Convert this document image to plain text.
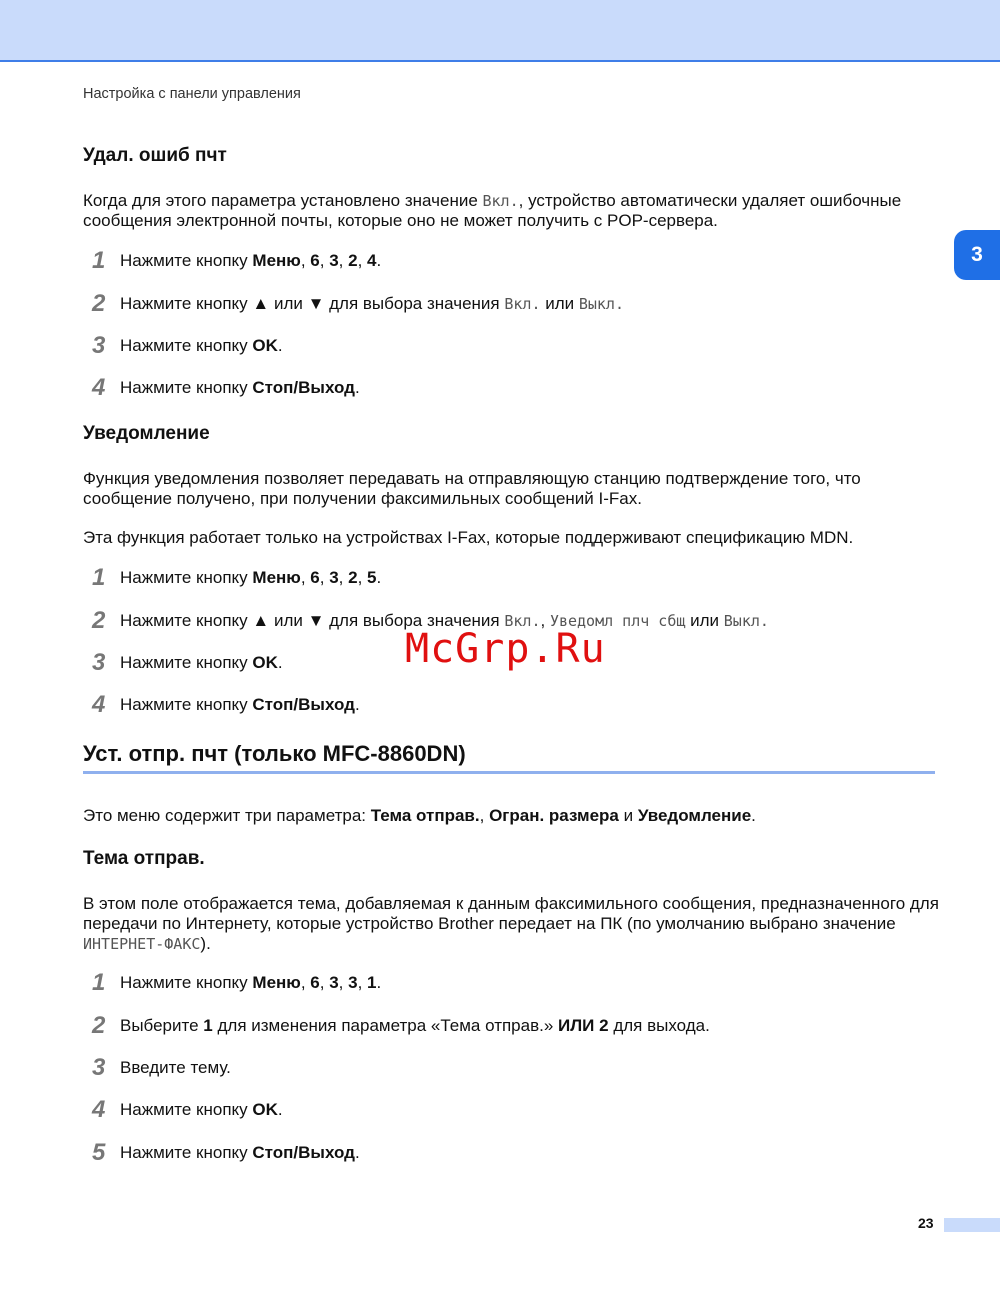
Настройка с панели управления
3
Удал. ошиб пчт
Когда для этого параметра установлено значение Вкл., устройство автоматически удаляет ошибочные сообщения электронной почты, которые оно не может получить с POP-сервера.
1 Нажмите кнопку Меню, 6, 3, 2, 4.
2 Нажмите кнопку ▲ или ▼ для выбора значения Вкл. или Выкл.
3 Нажмите кнопку OK.
4 Нажмите кнопку Стоп/Выход.
Уведомление
Функция уведомления позволяет передавать на отправляющую станцию подтверждение того, что сообщение получено, при получении факсимильных сообщений I-Fax.
Эта функция работает только на устройствах I-Fax, которые поддерживают спецификацию MDN.
1 Нажмите кнопку Меню, 6, 3, 2, 5.
2 Нажмите кнопку ▲ или ▼ для выбора значения Вкл., Уведомл плч сбщ или Выкл.
3 Нажмите кнопку OK.
4 Нажмите кнопку Стоп/Выход.
McGrp.Ru
Уст. отпр. пчт (только MFC-8860DN)
Это меню содержит три параметра: Тема отправ., Огран. размера и Уведомление.
Тема отправ.
В этом поле отображается тема, добавляемая к данным факсимильного сообщения, предназначенного для передачи по Интернету, которые устройство Brother передает на ПК (по умолчанию выбрано значение ИНТЕРНЕТ-ФАКС).
1 Нажмите кнопку Меню, 6, 3, 3, 1.
2 Выберите 1 для изменения параметра «Тема отправ.» ИЛИ 2 для выхода.
3 Введите тему.
4 Нажмите кнопку OK.
5 Нажмите кнопку Стоп/Выход.
23
